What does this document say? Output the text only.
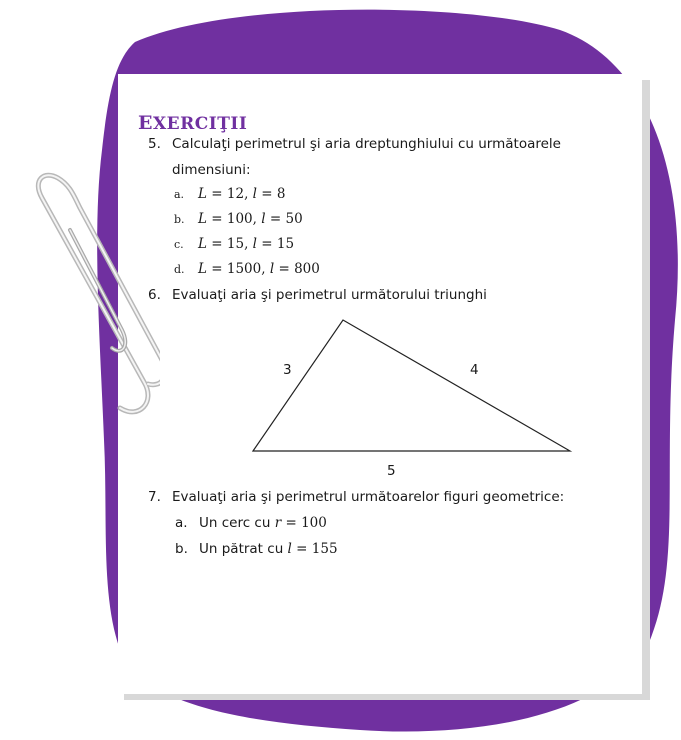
EXERCIŢII
5. Calculaţi perimetrul şi aria dreptunghiului cu următoarele
dimensiuni:
a. L = 12, l = 8
b. L = 100, l = 50
c. L = 15, l = 15
d. L = 1500, l = 800
6. Evaluaţi aria şi perimetrul următorului triunghi
3	4
5
7. Evaluaţi aria şi perimetrul următoarelor figuri geometrice:
a. Un cerc cu r = 100
b. Un pătrat cu l = 155
